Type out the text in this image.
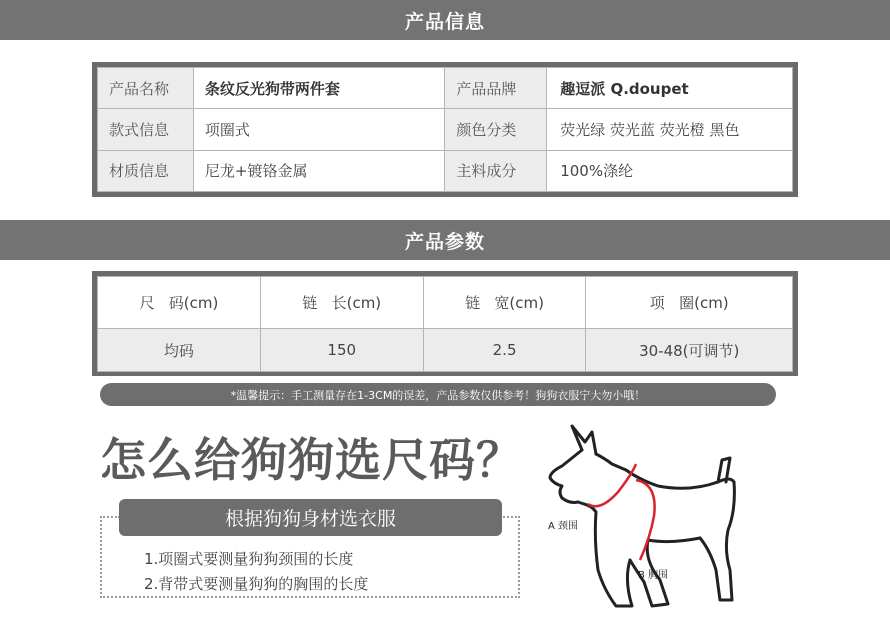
产品信息
产品名称	条纹反光狗带两件套	产品品牌	趣逗派 Q.doupet
款式信息	项圈式	颜色分类	荧光绿 荧光蓝 荧光橙 黑色
材质信息	尼龙+镀铬金属	主料成分	100%涤纶
产品参数
尺   码(cm)	链   长(cm)	链   宽(cm)	项   圈(cm)
均码	150	2.5	30-48(可调节)
*温馨提示：手工测量存在1-3CM的误差，产品参数仅供参考！狗狗衣服宁大勿小哦！
怎么给狗狗选尺码？
根据狗狗身材选衣服
1.项圈式要测量狗狗颈围的长度
2.背带式要测量狗狗的胸围的长度
A 颈围
B 胸围
